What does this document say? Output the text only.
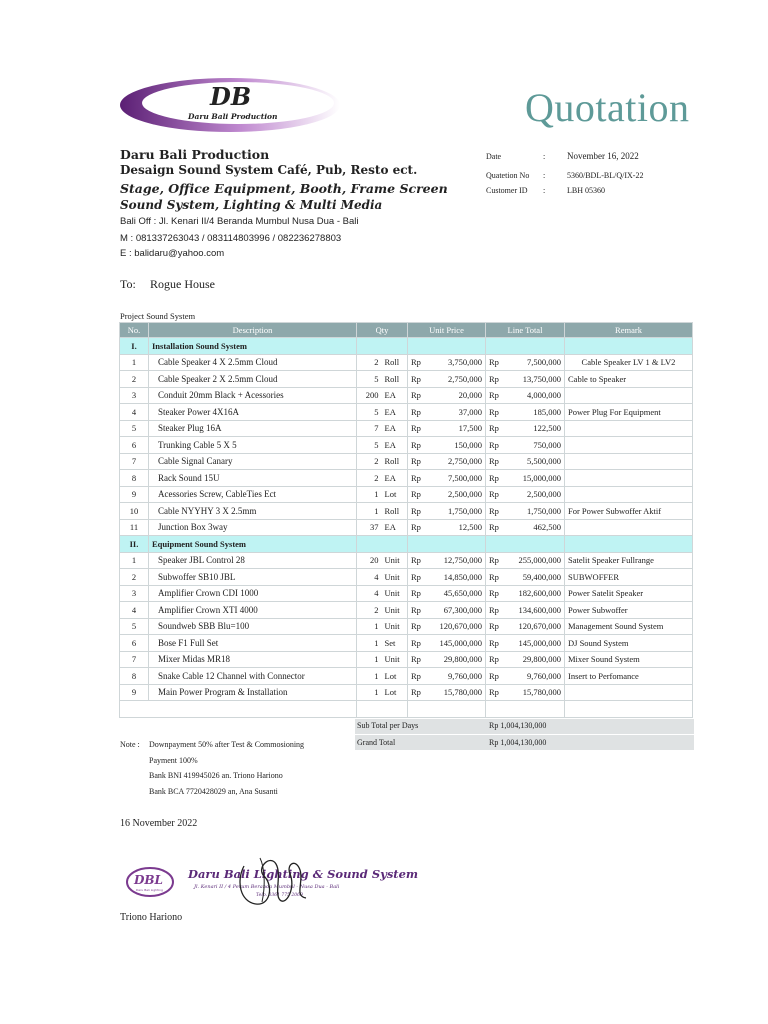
DB
Daru Bali Production	Quotation
Daru Bali Production
Desaign Sound System Café, Pub, Resto ect.
Stage, Office Equipment, Booth, Frame Screen
Sound System, Lighting & Multi Media
Bali Off : Jl. Kenari II/4 Beranda Mumbul Nusa Dua - Bali
M : 081337263043 / 083114803996 / 082236278803
E : balidaru@yahoo.com
Date	: November 16, 2022
Quatetion No :	5360/BDL-BL/Q/IX-22
Customer ID :	LBH 05360
To: Rogue House
Project Sound System
No.	Description	Qty		Unit Price		Line Total		Remark
I.	Installation Sound System							
1	Cable Speaker 4 X 2.5mm Cloud	2	Roll	Rp	3,750,000	Rp	7,500,000	Cable Speaker LV 1 & LV2
2	Cable Speaker 2 X 2.5mm Cloud	5	Roll	Rp	2,750,000	Rp	13,750,000	Cable to Speaker
3	Conduit 20mm Black + Acessories	200	EA	Rp	20,000	Rp	4,000,000	
4	Steaker Power 4X16A	5	EA	Rp	37,000	Rp	185,000	Power Plug For Equipment
5	Steaker Plug 16A	7	EA	Rp	17,500	Rp	122,500	
6	Trunking Cable 5 X 5	5	EA	Rp	150,000	Rp	750,000	
7	Cable Signal Canary	2	Roll	Rp	2,750,000	Rp	5,500,000	
8	Rack Sound 15U	2	EA	Rp	7,500,000	Rp	15,000,000	
9	Acessories Screw, CableTies Ect	1	Lot	Rp	2,500,000	Rp	2,500,000	
10	Cable NYYHY 3 X 2.5mm	1	Roll	Rp	1,750,000	Rp	1,750,000	For Power Subwoffer Aktif
11	Junction Box 3way	37	EA	Rp	12,500	Rp	462,500	
II.	Equipment Sound System							
1	Speaker JBL Control 28	20	Unit	Rp	12,750,000	Rp	255,000,000	Satelit Speaker Fullrange
2	Subwoffer SB10 JBL	4	Unit	Rp	14,850,000	Rp	59,400,000	SUBWOFFER
3	Amplifier Crown CDI 1000	4	Unit	Rp	45,650,000	Rp	182,600,000	Power Satelit Speaker
4	Amplifier Crown XTI 4000	2	Unit	Rp	67,300,000	Rp	134,600,000	Power Subwoffer
5	Soundweb SBB Blu=100	1	Unit	Rp	120,670,000	Rp	120,670,000	Management Sound System
6	Bose F1 Full Set	1	Set	Rp	145,000,000	Rp	145,000,000	DJ Sound System
7	Mixer Midas MR18	1	Unit	Rp	29,800,000	Rp	29,800,000	Mixer Sound System
8	Snake Cable 12 Channel with Connector	1	Lot	Rp	9,760,000	Rp	9,760,000	Insert to Perfomance
9	Main Power Program & Installation	1	Lot	Rp	15,780,000	Rp	15,780,000	

Sub Total per Days	Rp 1,004,130,000
Grand Total	Rp 1,004,130,000
Note : Downpayment 50% after Test & Commosioning
Payment 100%
Bank BNI 419945026 an. Triono Hariono
Bank BCA 7720428029 an, Ana Susanti
16 November 2022
DBL
Daru Bali Lighting
Daru Bali Lighting & Sound System
Jl. Kenari II / 4 Perum Beranda Mumbul - Nusa Dua - Bali
Telp. 0361 775 2069
Triono Hariono
